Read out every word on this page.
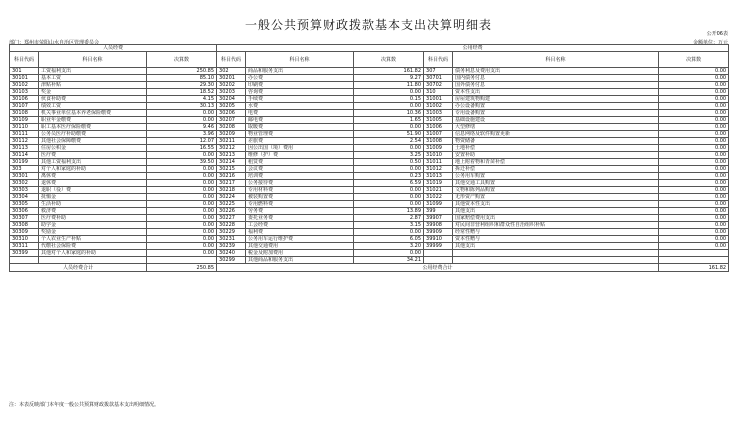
一般公共预算财政拨款基本支出决算明细表
公开06表
部门：郑州市荥阳山水自治区管理委员会	金额单位：万元
人员经费			公用经费					
科目代码	科目名称	决算数	科目代码	科目名称	决算数	科目代码	科目名称	决算数
301	工资福利支出	250.85	302	商品和服务支出	161.82	307	债务利息及费用支出	0.00
30101	基本工资	85.10	30201	办公费	9.27	30701	国内债务付息	0.00
30102	津贴补贴	29.30	30202	印刷费	11.80	30702	国外债务付息	0.00
30103	奖金	18.52	30203	咨询费	0.00	310	资本性支出	0.00
30106	伙食补助费	4.15	30204	手续费	0.15	31001	房屋建筑物购建	0.00
30107	绩效工资	30.13	30205	水费	0.00	31002	办公设备购置	0.00
30108	机关事业单位基本养老保险缴费	0.00	30206	电费	10.36	31003	专用设备购置	0.00
30109	职业年金缴费	0.00	30207	邮电费	1.65	31005	基础设施建设	0.00
30110	职工基本医疗保险缴费	9.46	30208	取暖费	0.00	31006	大型修缮	0.00
30111	公务员医疗补助缴费	3.96	30209	物业管理费	51.90	31007	信息网络及软件购置更新	0.00
30112	其他社会保障缴费	12.07	30211	差旅费	2.54	31008	物资储备	0.00
30113	住房公积金	16.55	30212	因公出国（境）费用	0.00	31009	土地补偿	0.00
30114	医疗费	0.00	30213	维修（护）费	3.25	31010	安置补助	0.00
30199	其他工资福利支出	39.50	30214	租赁费	0.50	31011	地上附着物和青苗补偿	0.00
303	对个人和家庭的补助	0.00	30215	会议费	0.00	31012	拆迁补偿	0.00
30301	离休费	0.00	30216	培训费	0.23	31013	公务用车购置	0.00
30302	退休费	0.00	30217	公务接待费	6.59	31019	其他交通工具购置	0.00
30303	退职（役）费	0.00	30218	专用材料费	0.00	31021	文物和陈列品购置	0.00
30304	抚恤金	0.00	30224	被装购置费	0.00	31022	无形资产购置	0.00
30305	生活补助	0.00	30225	专用燃料费	0.00	31099	其他资本性支出	0.00
30306	救济费	0.00	30226	劳务费	13.89	399	其他支出	0.00
30307	医疗费补助	0.00	30227	委托业务费	2.87	39907	国家赔偿费用支出	0.00
30308	助学金	0.00	30228	工会经费	3.15	39908	对民间非营利组织和群众性自治组织补贴	0.00
30309	奖励金	0.00	30229	福利费	0.00	39909	经常性赠与	0.00
30310	个人农业生产补贴	0.00	30231	公务用车运行维护费	6.05	39910	资本性赠与	0.00
30311	代缴社会保险费	0.00	30239	其他交通费用	3.20	39999	其他支出	0.00
30399	其他对个人和家庭的补助	0.00	30240	税金及附加费用	0.00			
			30299	其他商品和服务支出	34.21			
人员经费合计		250.85	公用经费合计					161.82
注：本表反映部门本年度一般公共预算财政拨款基本支出明细情况。
